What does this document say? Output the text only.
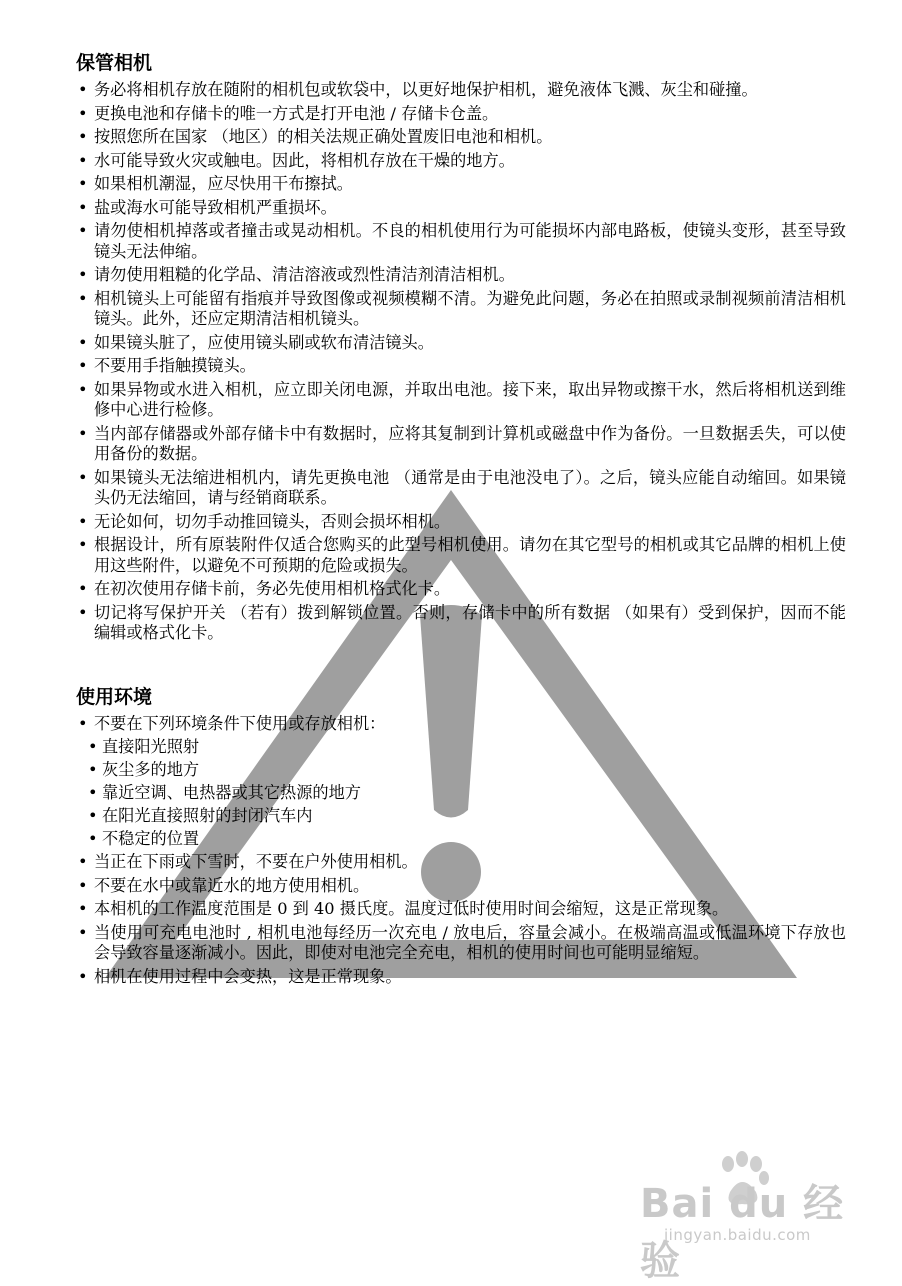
保管相机
• 务必将相机存放在随附的相机包或软袋中，以更好地保护相机，避免液体飞溅、灰尘和碰撞。
• 更换电池和存储卡的唯一方式是打开电池 / 存储卡仓盖。
• 按照您所在国家 （地区）的相关法规正确处置废旧电池和相机。
• 水可能导致火灾或触电。因此，将相机存放在干燥的地方。
• 如果相机潮湿，应尽快用干布擦拭。
• 盐或海水可能导致相机严重损坏。
• 请勿使相机掉落或者撞击或晃动相机。不良的相机使用行为可能损坏内部电路板，使镜头变形，甚至导致镜头无法伸缩。
• 请勿使用粗糙的化学品、清洁溶液或烈性清洁剂清洁相机。
• 相机镜头上可能留有指痕并导致图像或视频模糊不清。为避免此问题，务必在拍照或录制视频前清洁相机镜头。此外，还应定期清洁相机镜头。
• 如果镜头脏了，应使用镜头刷或软布清洁镜头。
• 不要用手指触摸镜头。
• 如果异物或水进入相机，应立即关闭电源，并取出电池。接下来，取出异物或擦干水，然后将相机送到维修中心进行检修。
• 当内部存储器或外部存储卡中有数据时，应将其复制到计算机或磁盘中作为备份。一旦数据丢失，可以使用备份的数据。
• 如果镜头无法缩进相机内，请先更换电池 （通常是由于电池没电了）。之后，镜头应能自动缩回。如果镜头仍无法缩回，请与经销商联系。
• 无论如何，切勿手动推回镜头，否则会损坏相机。
• 根据设计，所有原装附件仅适合您购买的此型号相机使用。请勿在其它型号的相机或其它品牌的相机上使用这些附件，以避免不可预期的危险或损失。
• 在初次使用存储卡前，务必先使用相机格式化卡。
• 切记将写保护开关 （若有）拨到解锁位置。否则，存储卡中的所有数据 （如果有）受到保护，因而不能编辑或格式化卡。
使用环境
• 不要在下列环境条件下使用或存放相机：
• 直接阳光照射
• 灰尘多的地方
• 靠近空调、电热器或其它热源的地方
• 在阳光直接照射的封闭汽车内
• 不稳定的位置
• 当正在下雨或下雪时，不要在户外使用相机。
• 不要在水中或靠近水的地方使用相机。
• 本相机的工作温度范围是 0 到 40 摄氏度。温度过低时使用时间会缩短，这是正常现象。
• 当使用可充电电池时 , 相机电池每经历一次充电 / 放电后，容量会减小。在极端高温或低温环境下存放也会导致容量逐渐减小。因此，即使对电池完全充电，相机的使用时间也可能明显缩短。
• 相机在使用过程中会变热，这是正常现象。
Bai du 经验
jingyan.baidu.com
